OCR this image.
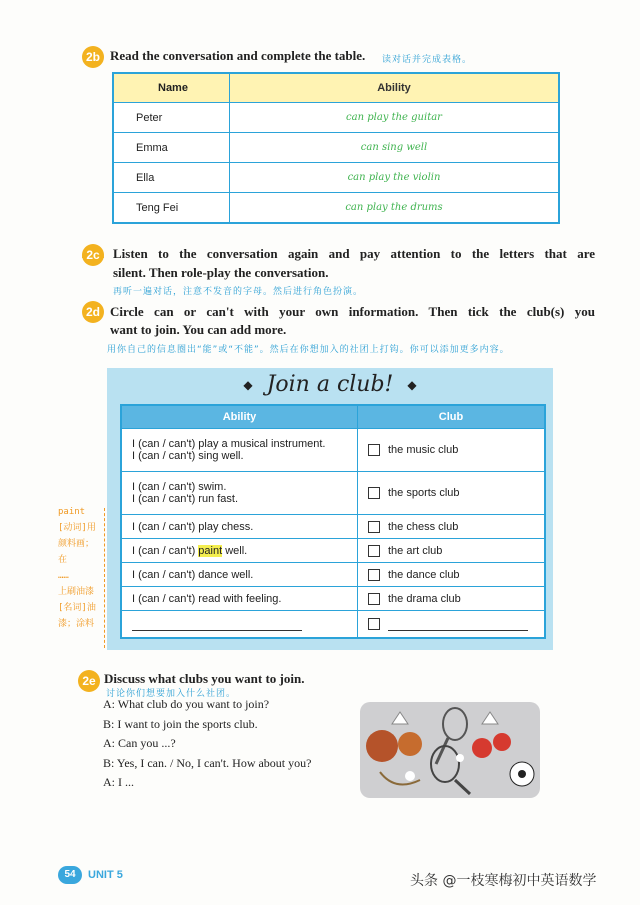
2b Read the conversation and complete the table. 读对话并完成表格。
Name	Ability
Peter	can play the guitar
Emma	can sing well
Ella	can play the violin
Teng Fei	can play the drums
2c	Listen to the conversation again and pay attention to the letters that are
silent. Then role-play the conversation.
再听一遍对话，注意不发音的字母。然后进行角色扮演。
2d Circle can or can't with your own information. Then tick the club(s) you
want to join. You can add more.
用你自己的信息圈出“能”或“不能”。然后在你想加入的社团上打钩。你可以添加更多内容。
◆ Join a club! ◆
Ability	Club
I (can / can't) play a musical instrument.
I (can / can't) sing well.	the music club
I (can / can't) swim.
I (can / can't) run fast.	the sports club
I (can / can't) play chess.	the chess club
I (can / can't) paint well.	the art club
I (can / can't) dance well.	the dance club
I (can / can't) read with feeling.	the drama club
paint
[动词]用
颜料画；在
……
上刷油漆
[名词]油
漆；涂料
2e Discuss what clubs you want to join.
讨论你们想要加入什么社团。
A: What club do you want to join?
B: I want to join the sports club.
A: Can you ...?
B: Yes, I can. / No, I can't. How about you?
A: I ...
54	UNIT 5	头条 @一枝寒梅初中英语数学
